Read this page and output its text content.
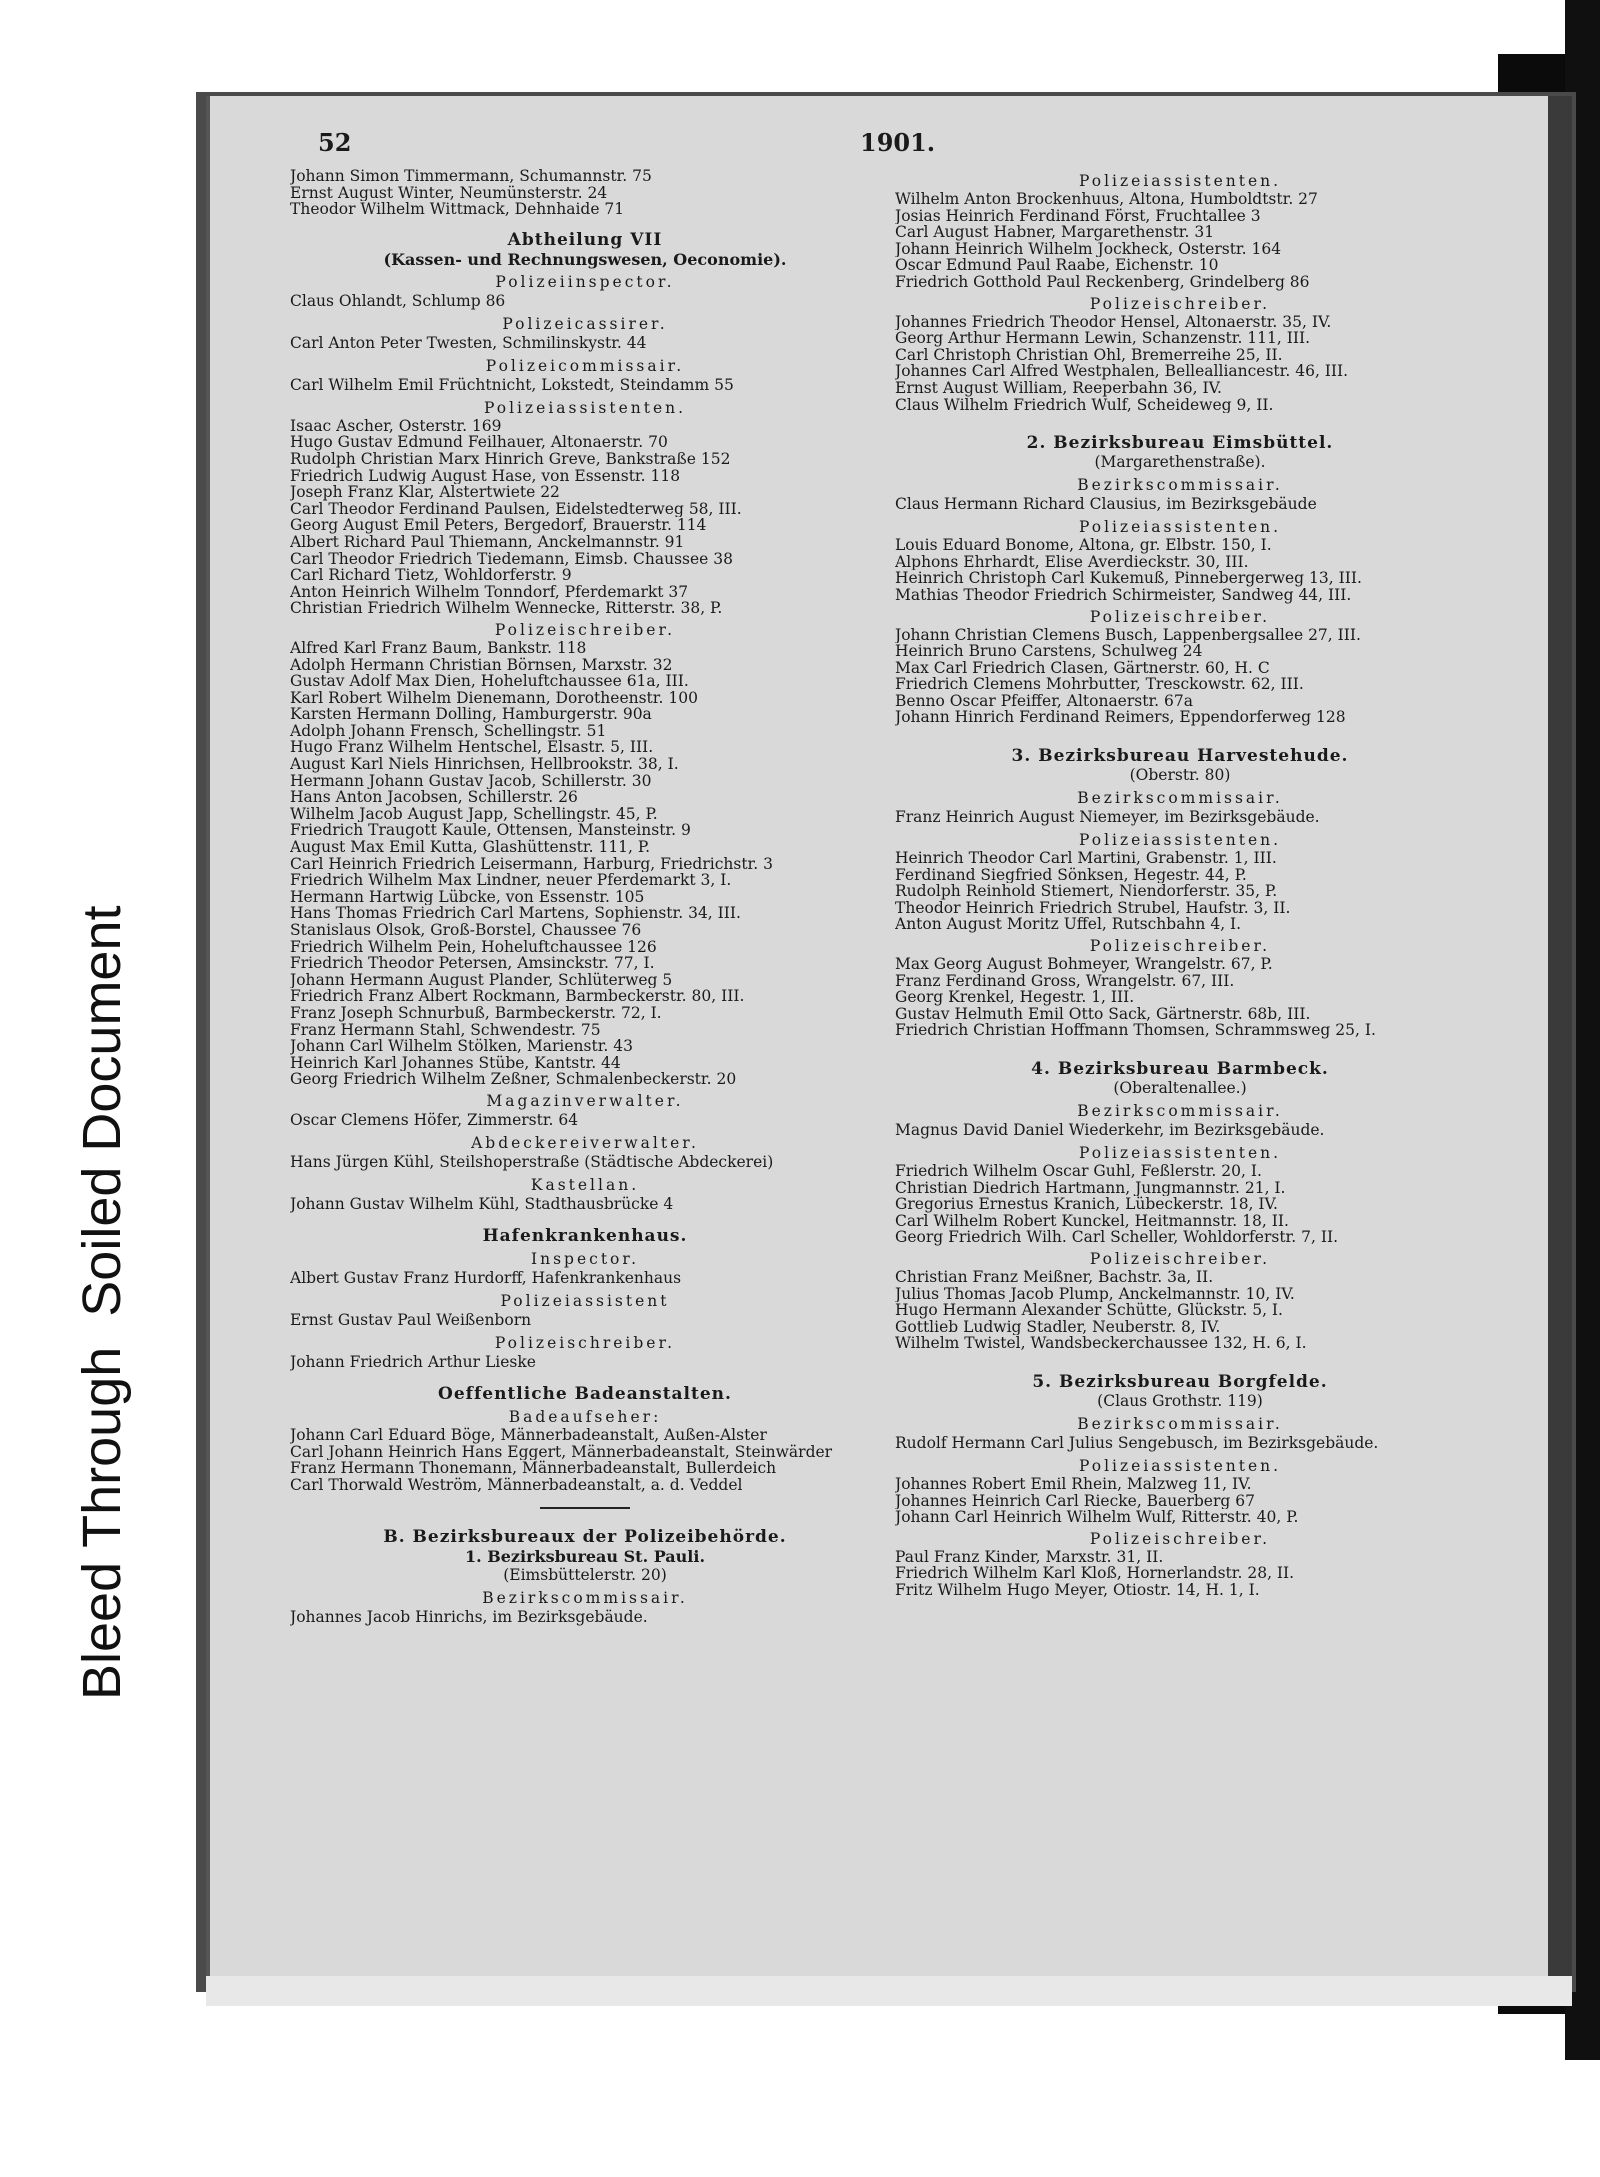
Bleed Through
Soiled Document
52	1901.
Johann Simon Timmermann, Schumannstr. 75
Ernst August Winter, Neumünsterstr. 24
Theodor Wilhelm Wittmack, Dehnhaide 71
Abtheilung VII
(Kassen- und Rechnungswesen, Oeconomie).
Polizeiinspector.
Claus Ohlandt, Schlump 86
Polizeicassirer.
Carl Anton Peter Twesten, Schmilinskystr. 44
Polizeicommissair.
Carl Wilhelm Emil Früchtnicht, Lokstedt, Steindamm 55
Polizeiassistenten.
Isaac Ascher, Osterstr. 169
Hugo Gustav Edmund Feilhauer, Altonaerstr. 70
Rudolph Christian Marx Hinrich Greve, Bankstraße 152
Friedrich Ludwig August Hase, von Essenstr. 118
Joseph Franz Klar, Alstertwiete 22
Carl Theodor Ferdinand Paulsen, Eidelstedterweg 58, III.
Georg August Emil Peters, Bergedorf, Brauerstr. 114
Albert Richard Paul Thiemann, Anckelmannstr. 91
Carl Theodor Friedrich Tiedemann, Eimsb. Chaussee 38
Carl Richard Tietz, Wohldorferstr. 9
Anton Heinrich Wilhelm Tonndorf, Pferdemarkt 37
Christian Friedrich Wilhelm Wennecke, Ritterstr. 38, P.
Polizeischreiber.
Alfred Karl Franz Baum, Bankstr. 118
Adolph Hermann Christian Börnsen, Marxstr. 32
Gustav Adolf Max Dien, Hoheluftchaussee 61a, III.
Karl Robert Wilhelm Dienemann, Dorotheenstr. 100
Karsten Hermann Dolling, Hamburgerstr. 90a
Adolph Johann Frensch, Schellingstr. 51
Hugo Franz Wilhelm Hentschel, Elsastr. 5, III.
August Karl Niels Hinrichsen, Hellbrookstr. 38, I.
Hermann Johann Gustav Jacob, Schillerstr. 30
Hans Anton Jacobsen, Schillerstr. 26
Wilhelm Jacob August Japp, Schellingstr. 45, P.
Friedrich Traugott Kaule, Ottensen, Mansteinstr. 9
August Max Emil Kutta, Glashüttenstr. 111, P.
Carl Heinrich Friedrich Leisermann, Harburg, Friedrichstr. 3
Friedrich Wilhelm Max Lindner, neuer Pferdemarkt 3, I.
Hermann Hartwig Lübcke, von Essenstr. 105
Hans Thomas Friedrich Carl Martens, Sophienstr. 34, III.
Stanislaus Olsok, Groß-Borstel, Chaussee 76
Friedrich Wilhelm Pein, Hoheluftchaussee 126
Friedrich Theodor Petersen, Amsinckstr. 77, I.
Johann Hermann August Plander, Schlüterweg 5
Friedrich Franz Albert Rockmann, Barmbeckerstr. 80, III.
Franz Joseph Schnurbuß, Barmbeckerstr. 72, I.
Franz Hermann Stahl, Schwendestr. 75
Johann Carl Wilhelm Stölken, Marienstr. 43
Heinrich Karl Johannes Stübe, Kantstr. 44
Georg Friedrich Wilhelm Zeßner, Schmalenbeckerstr. 20
Magazinverwalter.
Oscar Clemens Höfer, Zimmerstr. 64
Abdeckereiverwalter.
Hans Jürgen Kühl, Steilshoperstraße (Städtische Abdeckerei)
Kastellan.
Johann Gustav Wilhelm Kühl, Stadthausbrücke 4
Hafenkrankenhaus.
Inspector.
Albert Gustav Franz Hurdorff, Hafenkrankenhaus
Polizeiassistent
Ernst Gustav Paul Weißenborn
Polizeischreiber.
Johann Friedrich Arthur Lieske
Oeffentliche Badeanstalten.
Badeaufseher:
Johann Carl Eduard Böge, Männerbadeanstalt, Außen-Alster
Carl Johann Heinrich Hans Eggert, Männerbadeanstalt, Steinwärder
Franz Hermann Thonemann, Männerbadeanstalt, Bullerdeich
Carl Thorwald Weström, Männerbadeanstalt, a. d. Veddel
B. Bezirksbureaux der Polizeibehörde.
1. Bezirksbureau St. Pauli.
(Eimsbüttelerstr. 20)
Bezirkscommissair.
Johannes Jacob Hinrichs, im Bezirksgebäude.
Polizeiassistenten.
Wilhelm Anton Brockenhuus, Altona, Humboldtstr. 27
Josias Heinrich Ferdinand Först, Fruchtallee 3
Carl August Habner, Margarethenstr. 31
Johann Heinrich Wilhelm Jockheck, Osterstr. 164
Oscar Edmund Paul Raabe, Eichenstr. 10
Friedrich Gotthold Paul Reckenberg, Grindelberg 86
Polizeischreiber.
Johannes Friedrich Theodor Hensel, Altonaerstr. 35, IV.
Georg Arthur Hermann Lewin, Schanzenstr. 111, III.
Carl Christoph Christian Ohl, Bremerreihe 25, II.
Johannes Carl Alfred Westphalen, Bellealliancestr. 46, III.
Ernst August William, Reeperbahn 36, IV.
Claus Wilhelm Friedrich Wulf, Scheideweg 9, II.
2. Bezirksbureau Eimsbüttel.
(Margarethenstraße).
Bezirkscommissair.
Claus Hermann Richard Clausius, im Bezirksgebäude
Polizeiassistenten.
Louis Eduard Bonome, Altona, gr. Elbstr. 150, I.
Alphons Ehrhardt, Elise Averdieckstr. 30, III.
Heinrich Christoph Carl Kukemuß, Pinnebergerweg 13, III.
Mathias Theodor Friedrich Schirmeister, Sandweg 44, III.
Polizeischreiber.
Johann Christian Clemens Busch, Lappenbergsallee 27, III.
Heinrich Bruno Carstens, Schulweg 24
Max Carl Friedrich Clasen, Gärtnerstr. 60, H. C
Friedrich Clemens Mohrbutter, Tresckowstr. 62, III.
Benno Oscar Pfeiffer, Altonaerstr. 67a
Johann Hinrich Ferdinand Reimers, Eppendorferweg 128
3. Bezirksbureau Harvestehude.
(Oberstr. 80)
Bezirkscommissair.
Franz Heinrich August Niemeyer, im Bezirksgebäude.
Polizeiassistenten.
Heinrich Theodor Carl Martini, Grabenstr. 1, III.
Ferdinand Siegfried Sönksen, Hegestr. 44, P.
Rudolph Reinhold Stiemert, Niendorferstr. 35, P.
Theodor Heinrich Friedrich Strubel, Haufstr. 3, II.
Anton August Moritz Uffel, Rutschbahn 4, I.
Polizeischreiber.
Max Georg August Bohmeyer, Wrangelstr. 67, P.
Franz Ferdinand Gross, Wrangelstr. 67, III.
Georg Krenkel, Hegestr. 1, III.
Gustav Helmuth Emil Otto Sack, Gärtnerstr. 68b, III.
Friedrich Christian Hoffmann Thomsen, Schrammsweg 25, I.
4. Bezirksbureau Barmbeck.
(Oberaltenallee.)
Bezirkscommissair.
Magnus David Daniel Wiederkehr, im Bezirksgebäude.
Polizeiassistenten.
Friedrich Wilhelm Oscar Guhl, Feßlerstr. 20, I.
Christian Diedrich Hartmann, Jungmannstr. 21, I.
Gregorius Ernestus Kranich, Lübeckerstr. 18, IV.
Carl Wilhelm Robert Kunckel, Heitmannstr. 18, II.
Georg Friedrich Wilh. Carl Scheller, Wohldorferstr. 7, II.
Polizeischreiber.
Christian Franz Meißner, Bachstr. 3a, II.
Julius Thomas Jacob Plump, Anckelmannstr. 10, IV.
Hugo Hermann Alexander Schütte, Glückstr. 5, I.
Gottlieb Ludwig Stadler, Neuberstr. 8, IV.
Wilhelm Twistel, Wandsbeckerchaussee 132, H. 6, I.
5. Bezirksbureau Borgfelde.
(Claus Grothstr. 119)
Bezirkscommissair.
Rudolf Hermann Carl Julius Sengebusch, im Bezirksgebäude.
Polizeiassistenten.
Johannes Robert Emil Rhein, Malzweg 11, IV.
Johannes Heinrich Carl Riecke, Bauerberg 67
Johann Carl Heinrich Wilhelm Wulf, Ritterstr. 40, P.
Polizeischreiber.
Paul Franz Kinder, Marxstr. 31, II.
Friedrich Wilhelm Karl Kloß, Hornerlandstr. 28, II.
Fritz Wilhelm Hugo Meyer, Otiostr. 14, H. 1, I.
